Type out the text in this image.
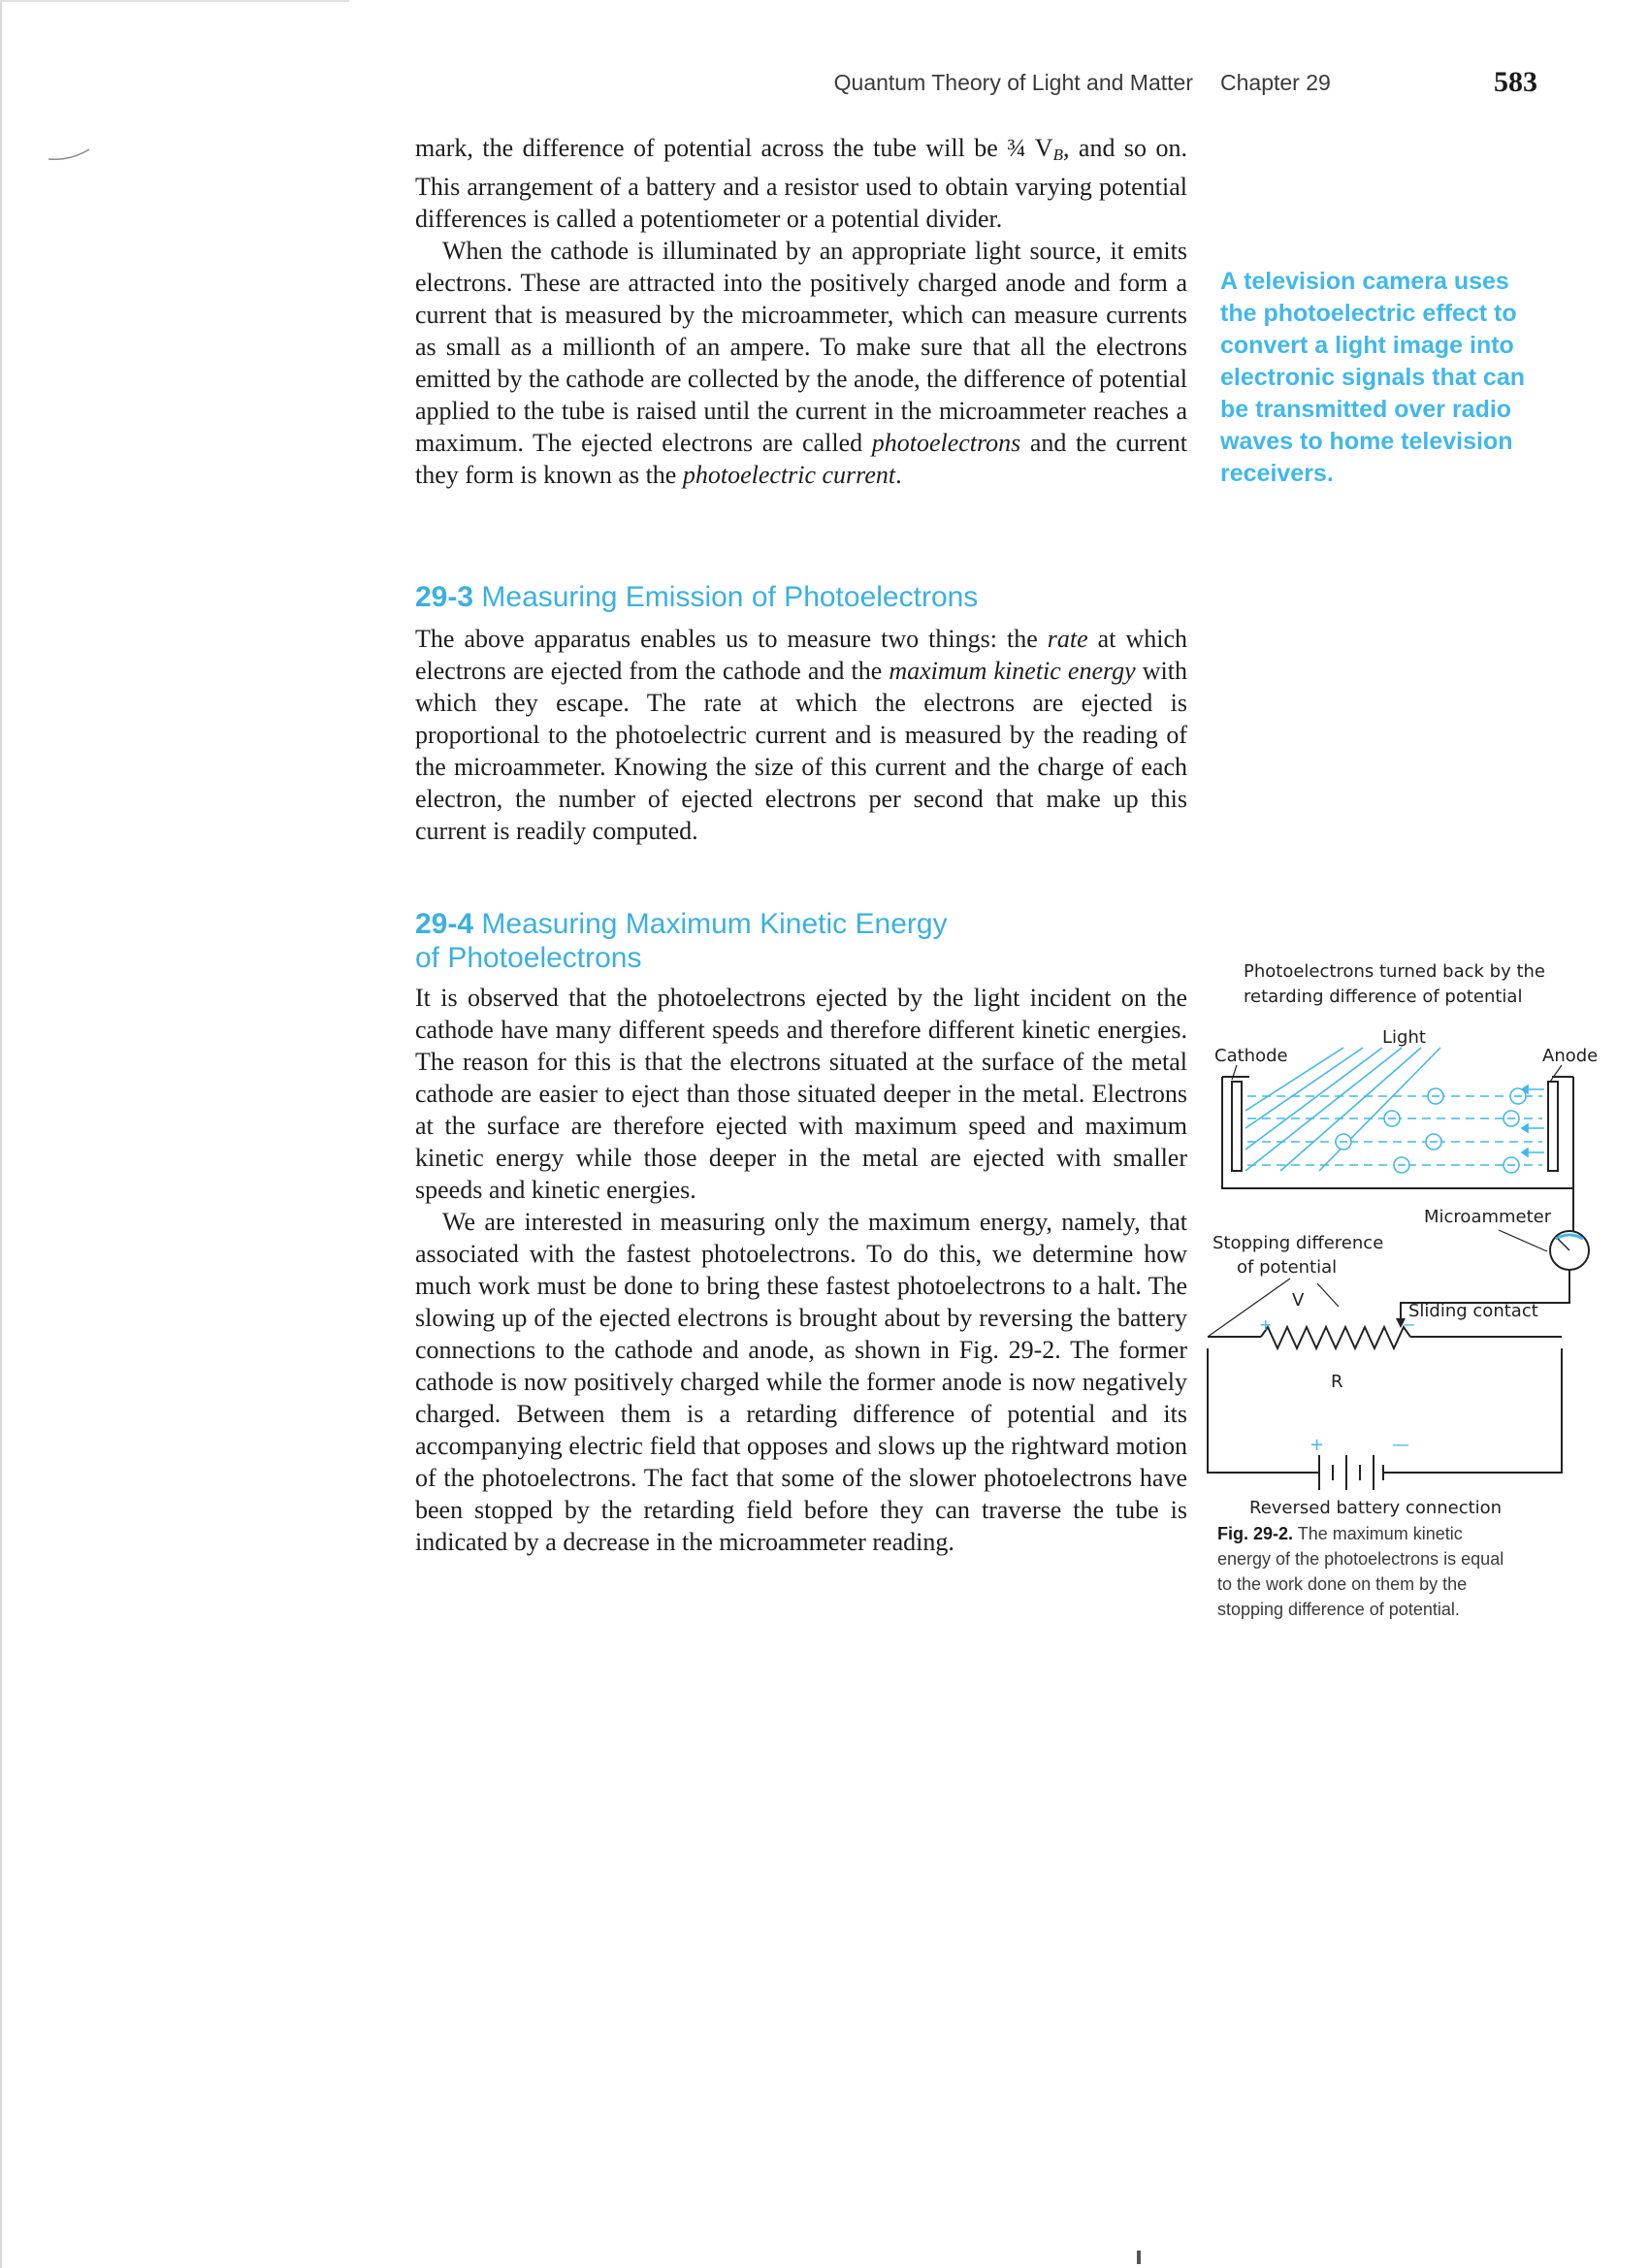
Quantum Theory of Light and Matter Chapter 29	583

mark, the difference of potential across the tube will be ¾ $V_B$, and so on. This arrangement of a battery and a resistor used to obtain varying potential differences is called a potentiometer or a potential divider.

When the cathode is illuminated by an appropriate light source, it emits electrons. These are attracted into the positively charged anode and form a current that is measured by the microammeter, which can measure currents as small as a millionth of an ampere. To make sure that all the electrons emitted by the cathode are collected by the anode, the difference of potential applied to the tube is raised until the current in the microammeter reaches a maximum. The ejected electrons are called photoelectrons and the current they form is known as the photoelectric current.

29-3 Measuring Emission of Photoelectrons

The above apparatus enables us to measure two things: the rate at which electrons are ejected from the cathode and the maximum kinetic energy with which they escape. The rate at which the electrons are ejected is proportional to the photoelectric current and is measured by the reading of the microammeter. Knowing the size of this current and the charge of each electron, the number of ejected electrons per second that make up this current is readily computed.

29-4 Measuring Maximum Kinetic Energy
of Photoelectrons

It is observed that the photoelectrons ejected by the light incident on the cathode have many different speeds and therefore different kinetic energies. The reason for this is that the electrons situated at the surface of the metal cathode are easier to eject than those situated deeper in the metal. Electrons at the surface are therefore ejected with maximum speed and maximum kinetic energy while those deeper in the metal are ejected with smaller speeds and kinetic energies.

We are interested in measuring only the maximum energy, namely, that associated with the fastest photoelectrons. To do this, we determine how much work must be done to bring these fastest photoelectrons to a halt. The slowing up of the ejected electrons is brought about by reversing the battery connections to the cathode and anode, as shown in Fig. 29-2. The former cathode is now positively charged while the former anode is now negatively charged. Between them is a retarding difference of potential and its accompanying electric field that opposes and slows up the rightward motion of the photoelectrons. The fact that some of the slower photoelectrons have been stopped by the retarding field before they can traverse the tube is indicated by a decrease in the microammeter reading.

A television camera uses the photoelectric effect to convert a light image into electronic signals that can be transmitted over radio waves to home television receivers.
Photoelectrons turned back by the
retarding difference of potential
Light
Cathode	Anode
Microammeter
Stopping difference
of potential
V
Sliding contact
+	−
R
+	—
Reversed battery connection
Fig. 29-2. The maximum kinetic energy of the photoelectrons is equal to the work done on them by the stopping difference of potential.
